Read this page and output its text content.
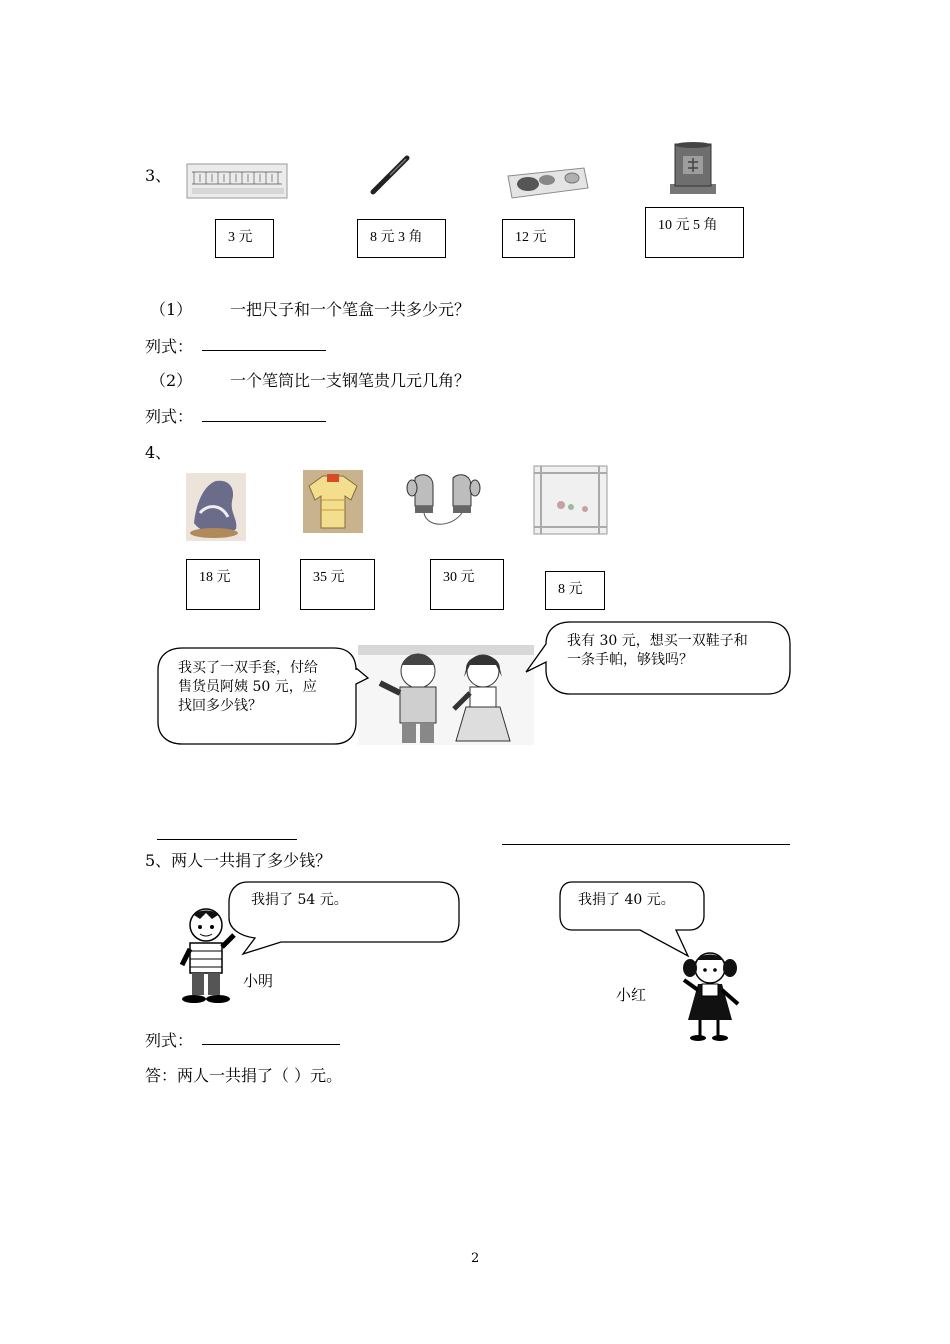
3、
3 元	8 元 3 角	12 元
10 元 5 角
（1） 一把尺子和一个笔盒一共多少元？
列式：
（2） 一个笔筒比一支钢笔贵几元几角？
列式：
4、
18 元	35 元	30 元
8 元
我买了一双手套，付给
售货员阿姨 50 元，应
找回多少钱？
我有 30 元，想买一双鞋子和
一条手帕，够钱吗？
5、两人一共捐了多少钱？
我捐了 54 元。
小明
我捐了 40 元。
小红
列式：
答：两人一共捐了（ ）元。
2
